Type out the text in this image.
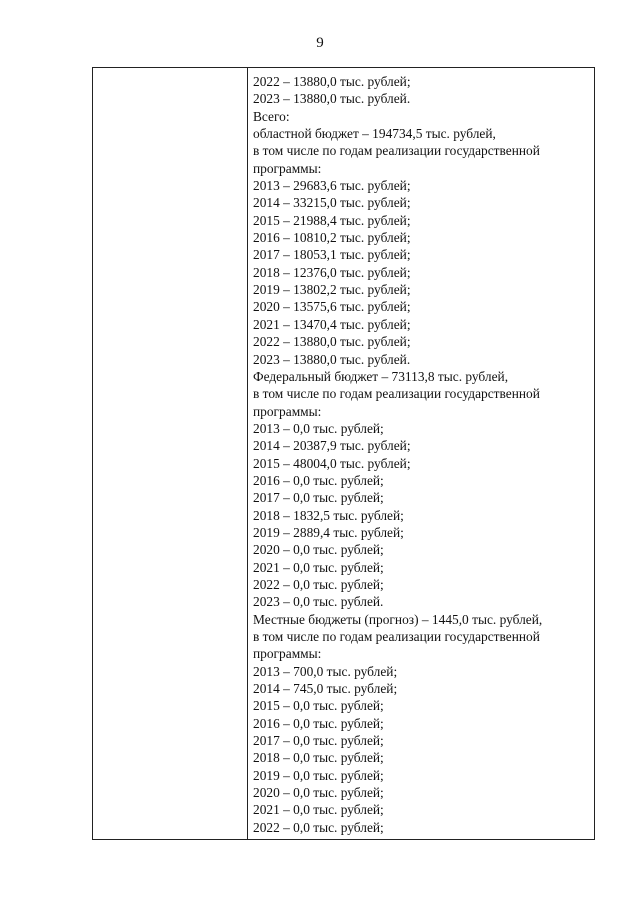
9
2022 – 13880,0 тыс. рублей;
2023 – 13880,0 тыс. рублей.
Всего:
областной бюджет – 194734,5 тыс. рублей,
в том числе по годам реализации государственной
программы:
2013 – 29683,6 тыс. рублей;
2014 – 33215,0 тыс. рублей;
2015 – 21988,4 тыс. рублей;
2016 – 10810,2 тыс. рублей;
2017 – 18053,1 тыс. рублей;
2018 – 12376,0 тыс. рублей;
2019 – 13802,2 тыс. рублей;
2020 – 13575,6 тыс. рублей;
2021 – 13470,4 тыс. рублей;
2022 – 13880,0 тыс. рублей;
2023 – 13880,0 тыс. рублей.
Федеральный бюджет – 73113,8 тыс. рублей,
в том числе по годам реализации государственной
программы:
2013 – 0,0 тыс. рублей;
2014 – 20387,9 тыс. рублей;
2015 – 48004,0 тыс. рублей;
2016 – 0,0 тыс. рублей;
2017 – 0,0 тыс. рублей;
2018 – 1832,5 тыс. рублей;
2019 – 2889,4 тыс. рублей;
2020 – 0,0 тыс. рублей;
2021 – 0,0 тыс. рублей;
2022 – 0,0 тыс. рублей;
2023 – 0,0 тыс. рублей.
Местные бюджеты (прогноз) – 1445,0 тыс. рублей,
в том числе по годам реализации государственной
программы:
2013 – 700,0 тыс. рублей;
2014 – 745,0 тыс. рублей;
2015 – 0,0 тыс. рублей;
2016 – 0,0 тыс. рублей;
2017 – 0,0 тыс. рублей;
2018 – 0,0 тыс. рублей;
2019 – 0,0 тыс. рублей;
2020 – 0,0 тыс. рублей;
2021 – 0,0 тыс. рублей;
2022 – 0,0 тыс. рублей;
